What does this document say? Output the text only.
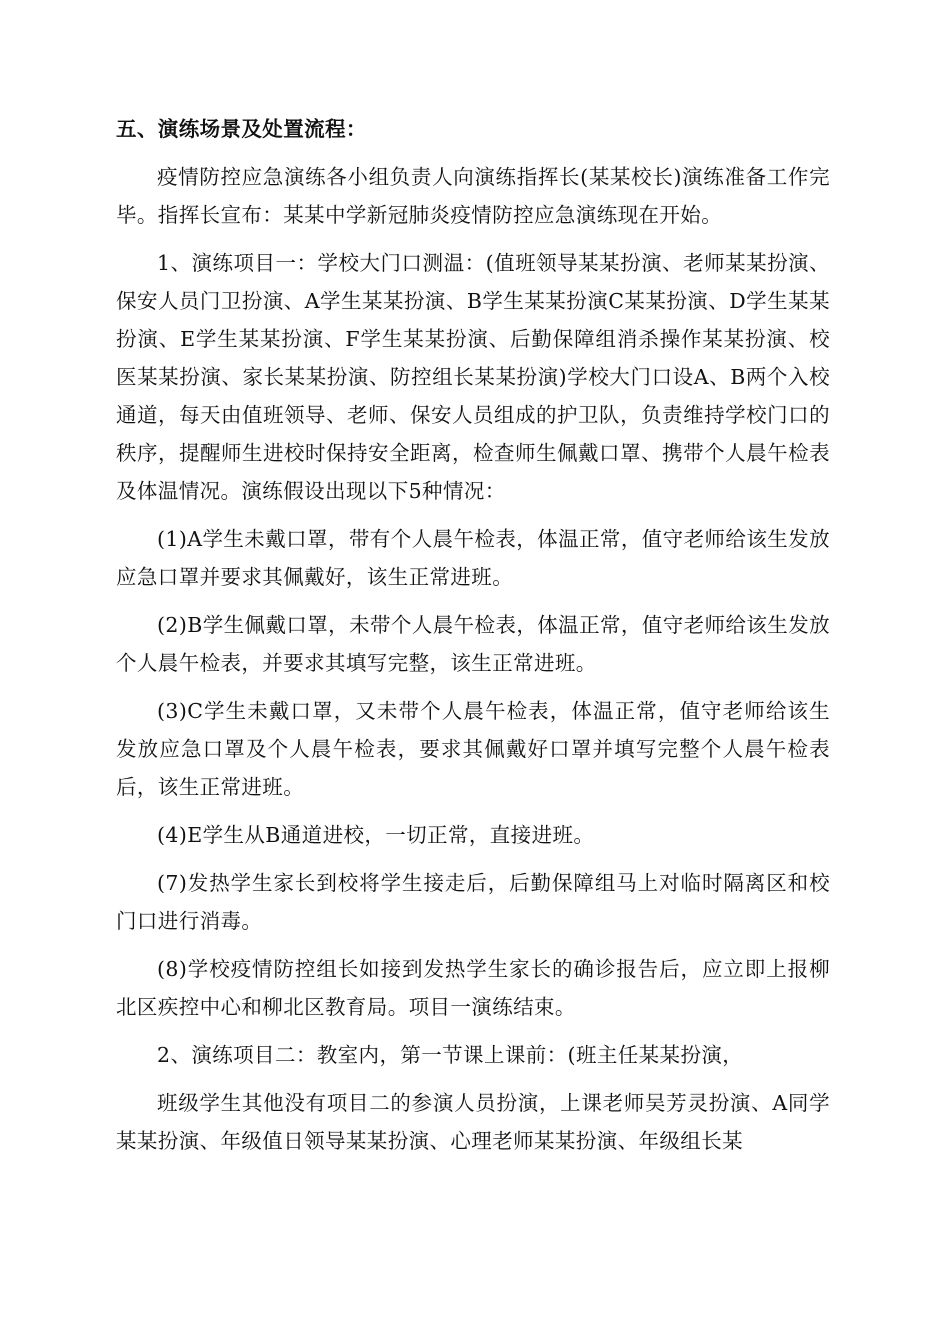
五、演练场景及处置流程：

疫情防控应急演练各小组负责人向演练指挥长(某某校长)演练准备工作完毕。指挥长宣布：某某中学新冠肺炎疫情防控应急演练现在开始。

1、演练项目一：学校大门口测温：(值班领导某某扮演、老师某某扮演、保安人员门卫扮演、A学生某某扮演、B学生某某扮演C某某扮演、D学生某某扮演、E学生某某扮演、F学生某某扮演、后勤保障组消杀操作某某扮演、校医某某扮演、家长某某扮演、防控组长某某扮演)学校大门口设A、B两个入校通道，每天由值班领导、老师、保安人员组成的护卫队，负责维持学校门口的秩序，提醒师生进校时保持安全距离，检查师生佩戴口罩、携带个人晨午检表及体温情况。演练假设出现以下5种情况：

(1)A学生未戴口罩，带有个人晨午检表，体温正常，值守老师给该生发放应急口罩并要求其佩戴好，该生正常进班。

(2)B学生佩戴口罩，未带个人晨午检表，体温正常，值守老师给该生发放个人晨午检表，并要求其填写完整，该生正常进班。

(3)C学生未戴口罩，又未带个人晨午检表，体温正常，值守老师给该生发放应急口罩及个人晨午检表，要求其佩戴好口罩并填写完整个人晨午检表后，该生正常进班。

(4)E学生从B通道进校，一切正常，直接进班。

(7)发热学生家长到校将学生接走后，后勤保障组马上对临时隔离区和校门口进行消毒。

(8)学校疫情防控组长如接到发热学生家长的确诊报告后，应立即上报柳北区疾控中心和柳北区教育局。项目一演练结束。

2、演练项目二：教室内，第一节课上课前：(班主任某某扮演，

班级学生其他没有项目二的参演人员扮演，上课老师吴芳灵扮演、A同学某某扮演、年级值日领导某某扮演、心理老师某某扮演、年级组长某
